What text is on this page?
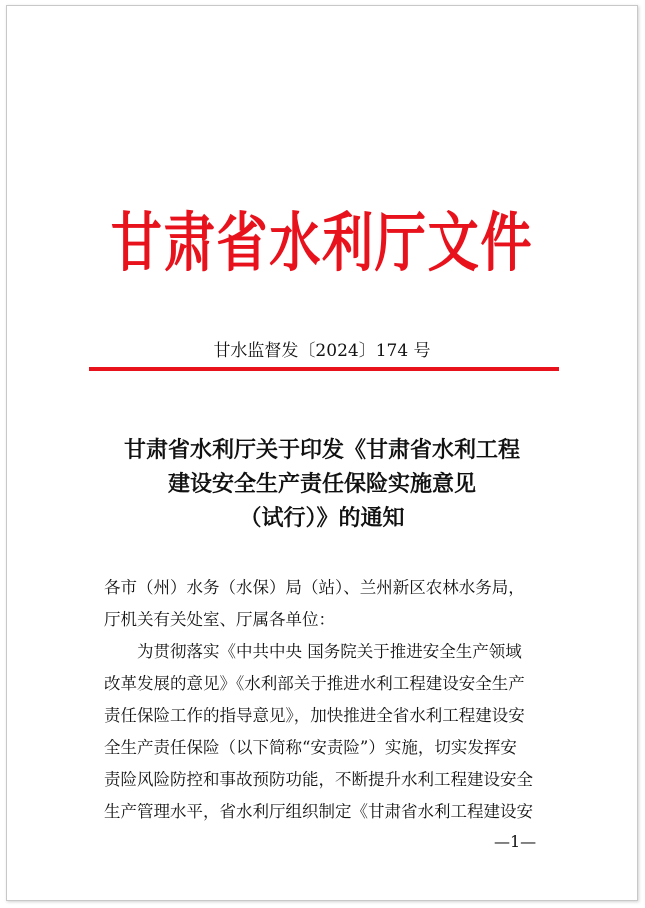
甘肃省水利厅文件
甘水监督发〔2024〕174 号
甘肃省水利厅关于印发《甘肃省水利工程
建设安全生产责任保险实施意见
（试行）》的通知
各市（州）水务（水保）局（站）、兰州新区农林水务局，
厅机关有关处室、厅属各单位：
为贯彻落实《中共中央 国务院关于推进安全生产领域
改革发展的意见》《水利部关于推进水利工程建设安全生产
责任保险工作的指导意见》，加快推进全省水利工程建设安
全生产责任保险（以下简称“安责险”）实施，切实发挥安
责险风险防控和事故预防功能，不断提升水利工程建设安全
生产管理水平，省水利厅组织制定《甘肃省水利工程建设安
—1—
